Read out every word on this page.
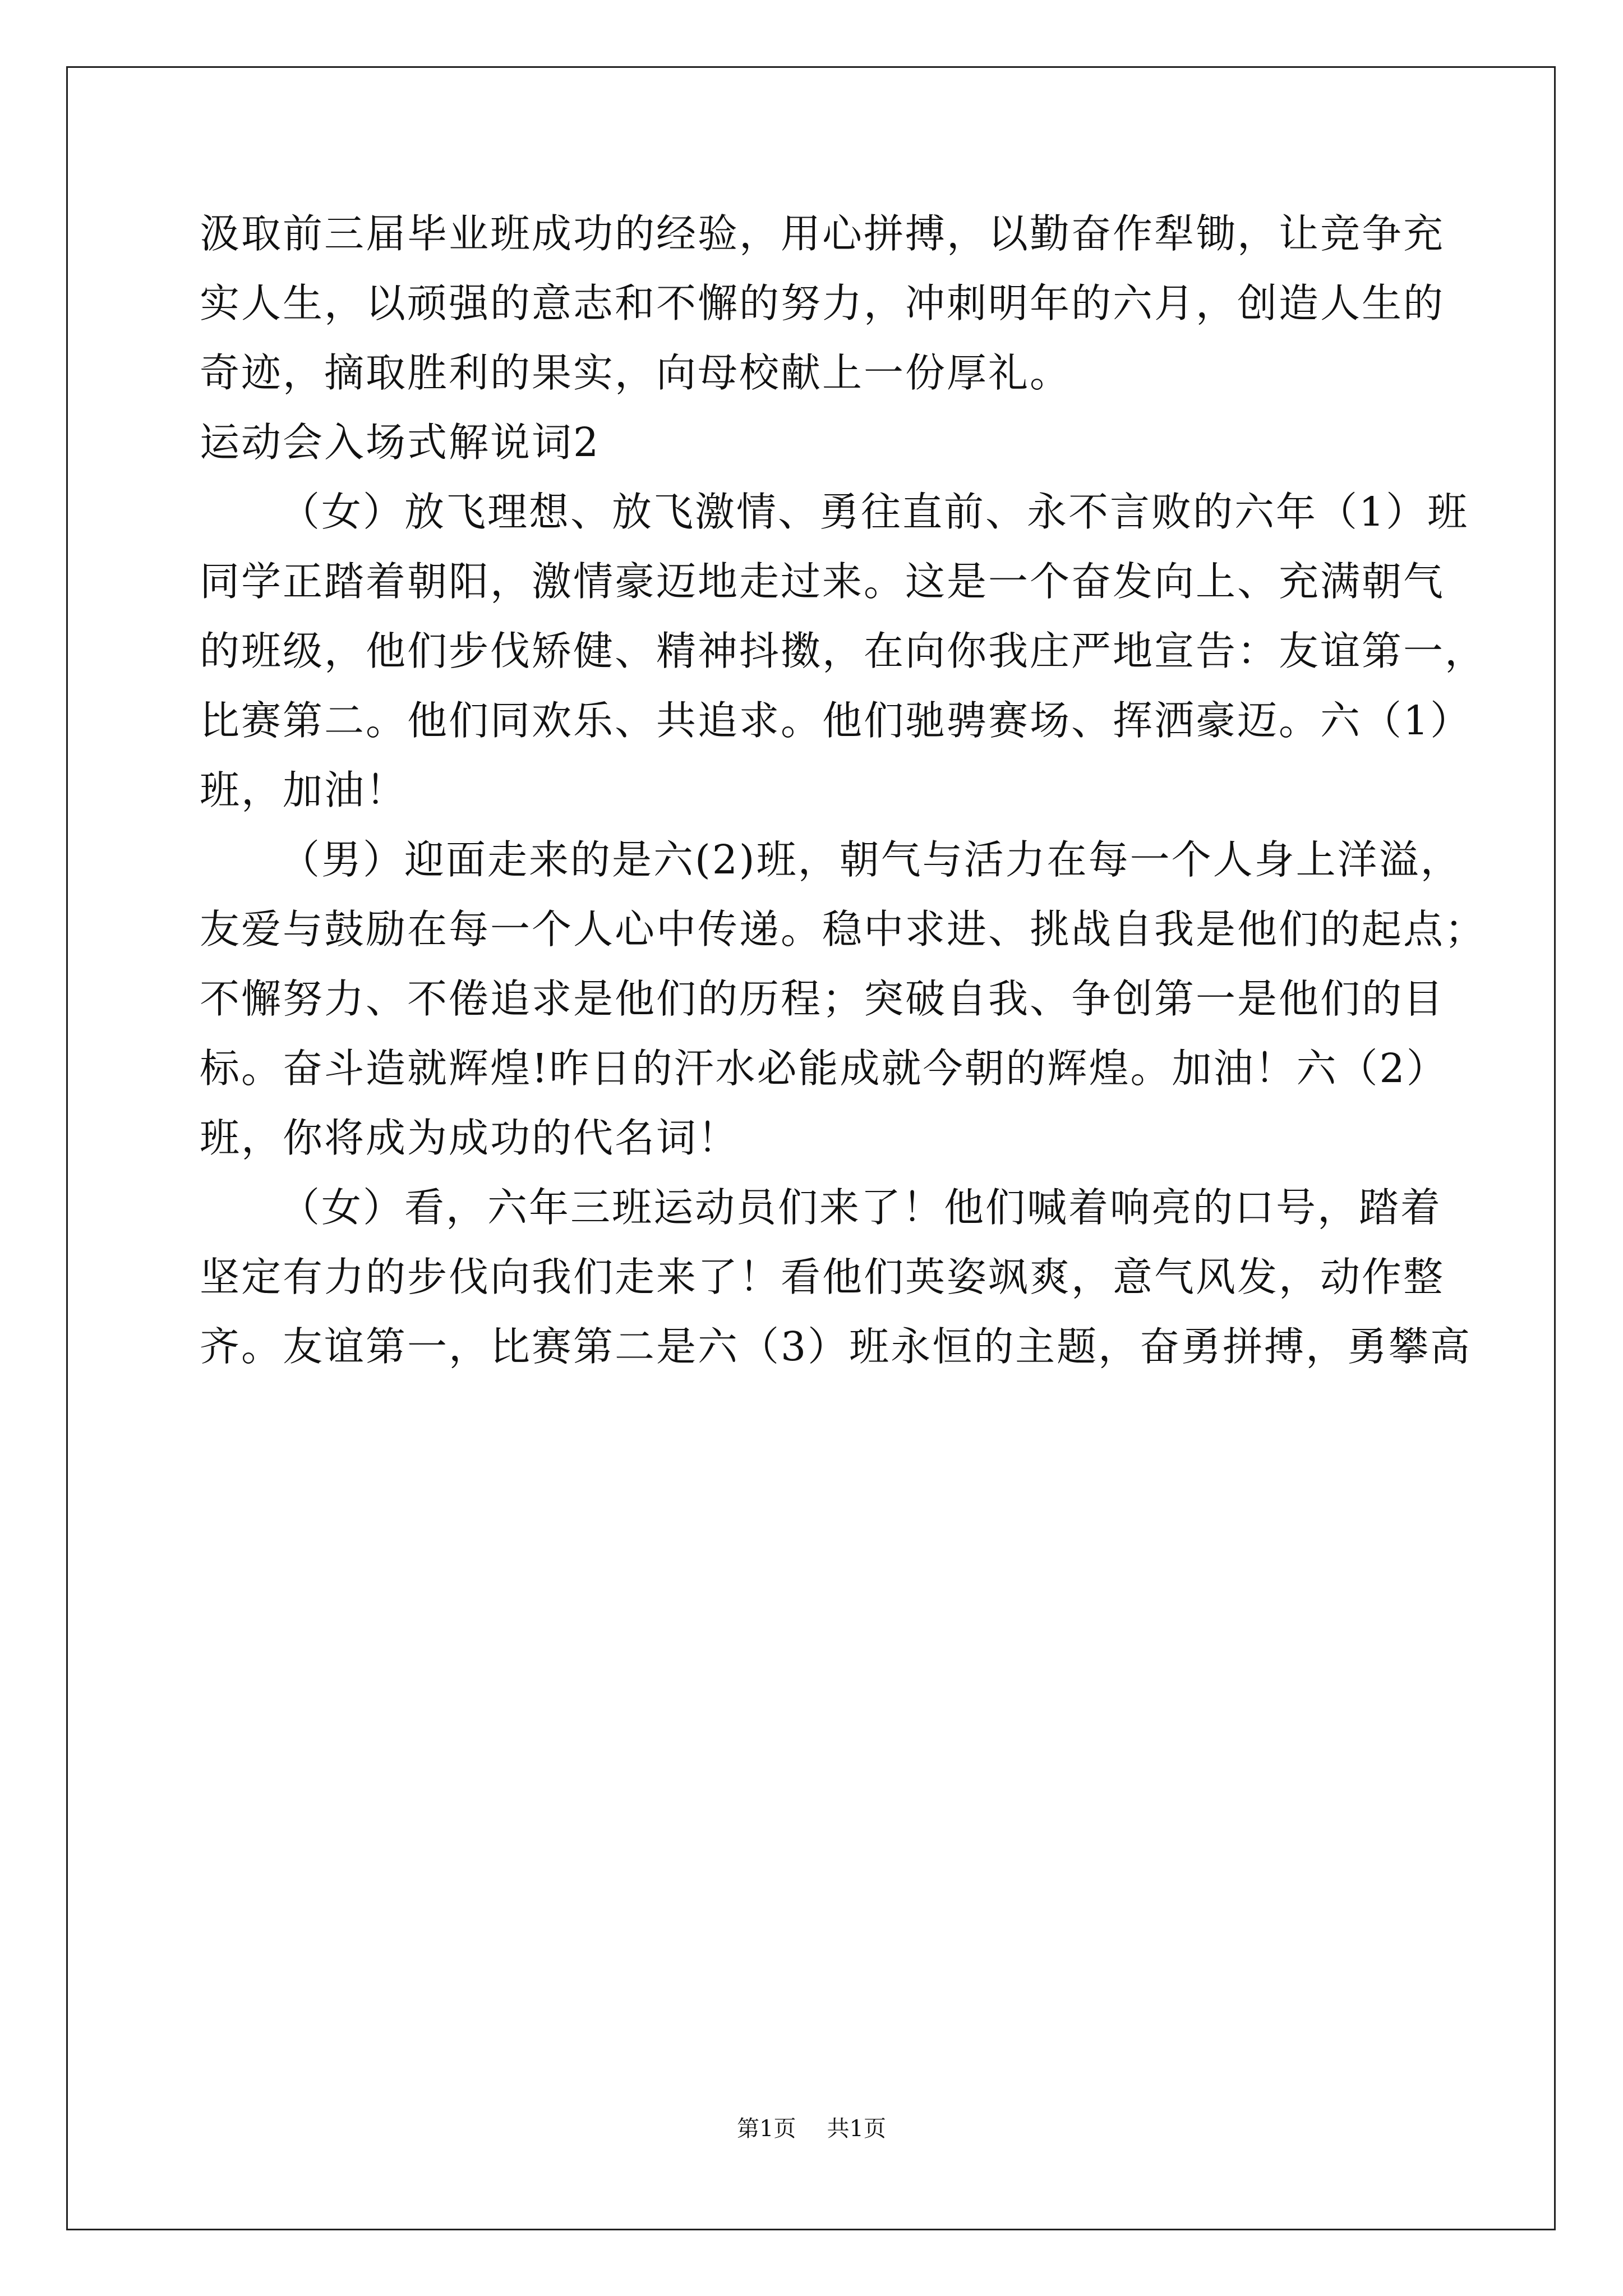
汲取前三届毕业班成功的经验，用心拼搏，以勤奋作犁锄，让竞争充
实人生，以顽强的意志和不懈的努力，冲刺明年的六月，创造人生的
奇迹，摘取胜利的果实，向母校献上一份厚礼。
运动会入场式解说词2
（女）放飞理想、放飞激情、勇往直前、永不言败的六年（1）班
同学正踏着朝阳，激情豪迈地走过来。这是一个奋发向上、充满朝气
的班级，他们步伐矫健、精神抖擞，在向你我庄严地宣告：友谊第一，
比赛第二。他们同欢乐、共追求。他们驰骋赛场、挥洒豪迈。六（1）
班，加油！
（男）迎面走来的是六(2)班，朝气与活力在每一个人身上洋溢，
友爱与鼓励在每一个人心中传递。稳中求进、挑战自我是他们的起点；
不懈努力、不倦追求是他们的历程；突破自我、争创第一是他们的目
标。奋斗造就辉煌!昨日的汗水必能成就今朝的辉煌。加油！六（2）
班，你将成为成功的代名词！
（女）看，六年三班运动员们来了！他们喊着响亮的口号，踏着
坚定有力的步伐向我们走来了！看他们英姿飒爽，意气风发，动作整
齐。友谊第一，比赛第二是六（3）班永恒的主题，奋勇拼搏，勇攀高
第1页 共1页
